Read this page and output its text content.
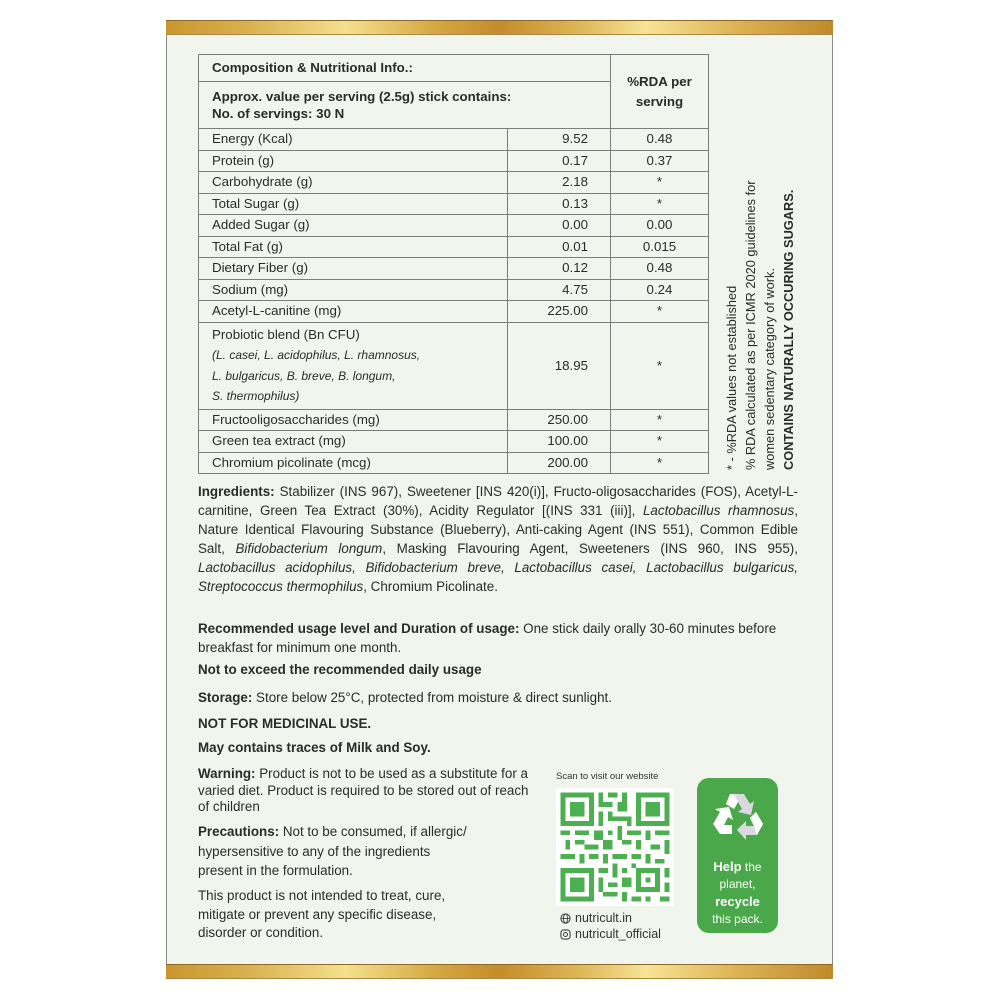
Composition & Nutritional Info.:		%RDA per
serving

Approx. value per serving (2.5g) stick contains:
No. of servings: 30 N		

Energy (Kcal)	9.52	0.48
Protein (g)	0.17	0.37
Carbohydrate (g)	2.18	*
Total Sugar (g)	0.13	*
Added Sugar (g)	0.00	0.00
Total Fat (g)	0.01	0.015
Dietary Fiber (g)	0.12	0.48
Sodium (mg)	4.75	0.24
Acetyl-L-canitine (mg)	225.00	*

Probiotic blend (Bn CFU)
(L. casei, L. acidophilus, L. rhamnosus,
L. bulgaricus, B. breve, B. longum,
S. thermophilus)	18.95	*
Fructooligosaccharides (mg)	250.00	*
Green tea extract (mg)	100.00	*
Chromium picolinate (mcg)	200.00	*	* - %RDA values not established % RDA calculated as per ICMR 2020 guidelines for women sedentary category of work. CONTAINS NATURALLY OCCURING SUGARS.
Ingredients: Stabilizer (INS 967), Sweetener [INS 420(i)], Fructo-oligosaccharides (FOS), Acetyl-L-carnitine, Green Tea Extract (30%), Acidity Regulator [(INS 331 (iii)], Lactobacillus rhamnosus, Nature Identical Flavouring Substance (Blueberry), Anti-caking Agent (INS 551), Common Edible Salt, Bifidobacterium longum, Masking Flavouring Agent, Sweeteners (INS 960, INS 955), Lactobacillus acidophilus, Bifidobacterium breve, Lactobacillus casei, Lactobacillus bulgaricus, Streptococcus thermophilus, Chromium Picolinate.
Recommended usage level and Duration of usage: One stick daily orally 30-60 minutes before breakfast for minimum one month.
Not to exceed the recommended daily usage
Storage: Store below 25°C, protected from moisture & direct sunlight.
NOT FOR MEDICINAL USE.
May contains traces of Milk and Soy.
Warning: Product is not to be used as a substitute for a varied diet. Product is required to be stored out of reach of children
Precautions: Not to be consumed, if allergic/ hypersensitive to any of the ingredients present in the formulation.
This product is not intended to treat, cure, mitigate or prevent any specific disease, disorder or condition.
Scan to visit our website
nutricult.in
nutricult_official
Help the
planet,
recycle
this pack.
